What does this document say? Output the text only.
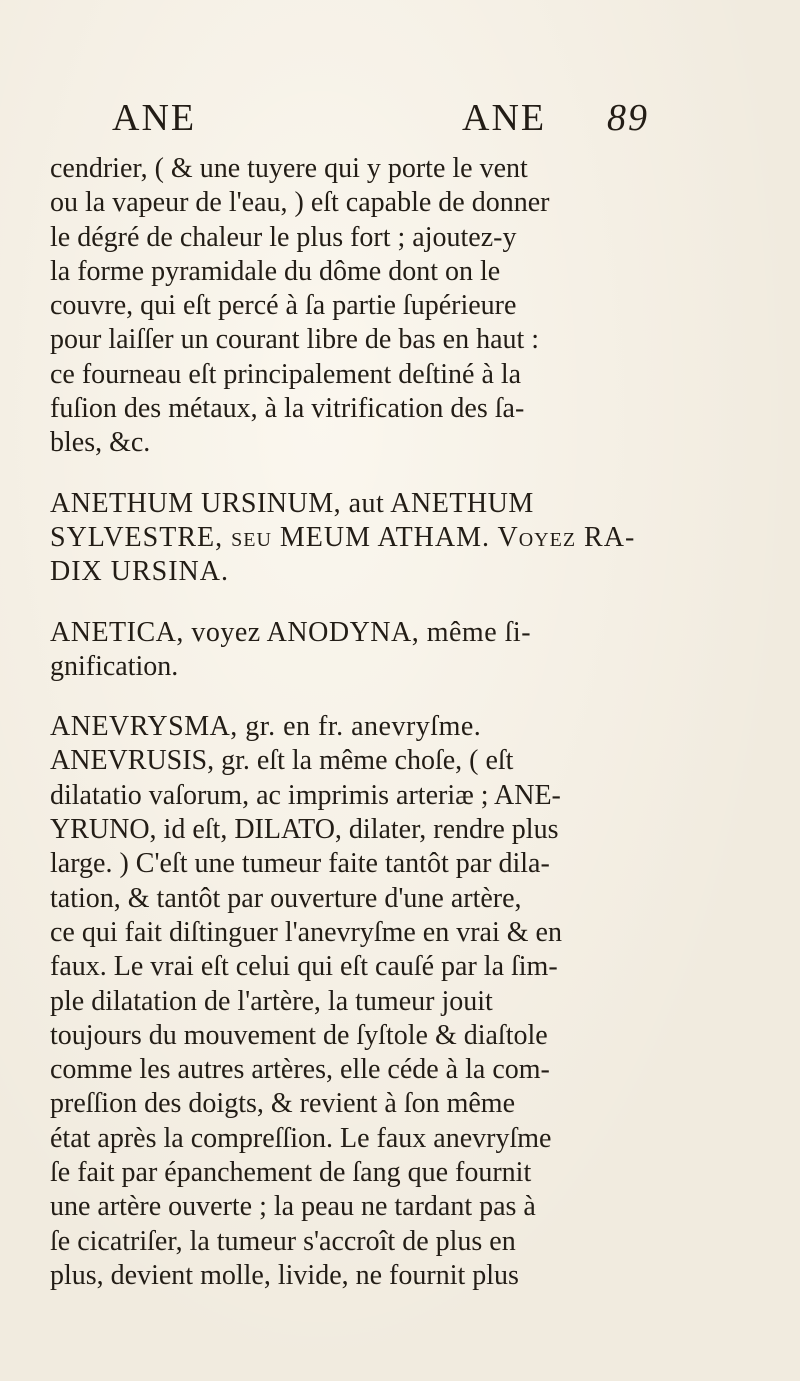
ANE	ANE 89
cendrier, ( & une tuyere qui y porte le vent
ou la vapeur de l'eau, ) eſt capable de donner
le dégré de chaleur le plus fort ; ajoutez-y
la forme pyramidale du dôme dont on le
couvre, qui eſt percé à ſa partie ſupérieure
pour laiſſer un courant libre de bas en haut :
ce fourneau eſt principalement deſtiné à la
fuſion des métaux, à la vitrification des ſa-
bles, &c.
ANETHUM URSINUM, aut ANETHUM
SYLVESTRE, ſeu MEUM ATHAM. Voyez RA-
DIX URSINA.
ANETICA, voyez ANODYNA, même ſi-
gnification.
ANEVRYSMA, gr. en fr. anevryſme.
ANEVRUSIS, gr. eſt la même choſe, ( eſt
dilatatio vaſorum, ac imprimis arteriæ ; ANE-
YRUNO, id eſt, DILATO, dilater, rendre plus
large. ) C'eſt une tumeur faite tantôt par dila-
tation, & tantôt par ouverture d'une artère,
ce qui fait diſtinguer l'anevryſme en vrai & en
faux. Le vrai eſt celui qui eſt cauſé par la ſim-
ple dilatation de l'artère, la tumeur jouit
toujours du mouvement de ſyſtole & diaſtole
comme les autres artères, elle céde à la com-
preſſion des doigts, & revient à ſon même
état après la compreſſion. Le faux anevryſme
ſe fait par épanchement de ſang que fournit
une artère ouverte ; la peau ne tardant pas à
ſe cicatriſer, la tumeur s'accroît de plus en
plus, devient molle, livide, ne fournit plus
